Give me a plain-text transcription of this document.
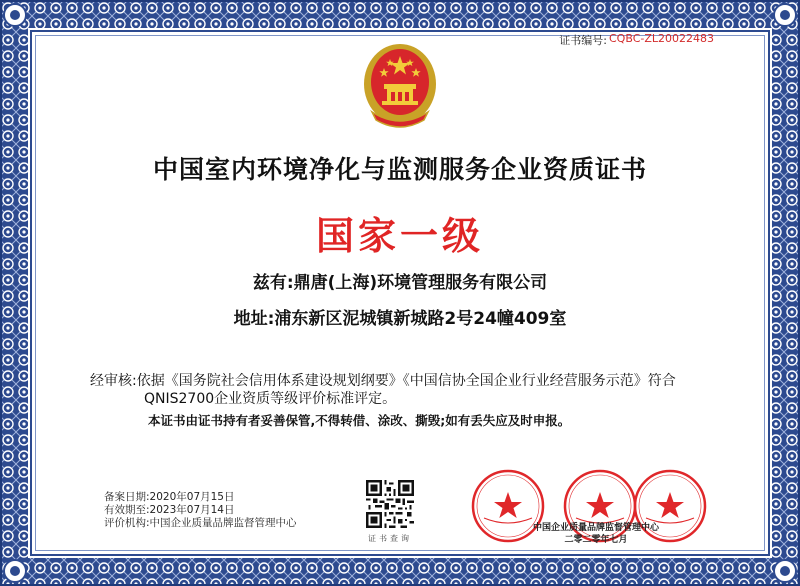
证书编号: CQBC-ZL20022483
中国室内环境净化与监测服务企业资质证书
国家一级
兹有:鼎唐(上海)环境管理服务有限公司
地址:浦东新区泥城镇新城路2号24幢409室
经审核:依据《国务院社会信用体系建设规划纲要》《中国信协全国企业行业经营服务示范》符合
QNIS2700企业资质等级评价标准评定。
本证书由证书持有者妥善保管,不得转借、涂改、撕毁;如有丢失应及时申报。
备案日期:2020年07月15日
有效期至:2023年07月14日
评价机构:中国企业质量品牌监督管理中心
证书查询
中国企业质量品牌监督管理中心
二零二零年七月
